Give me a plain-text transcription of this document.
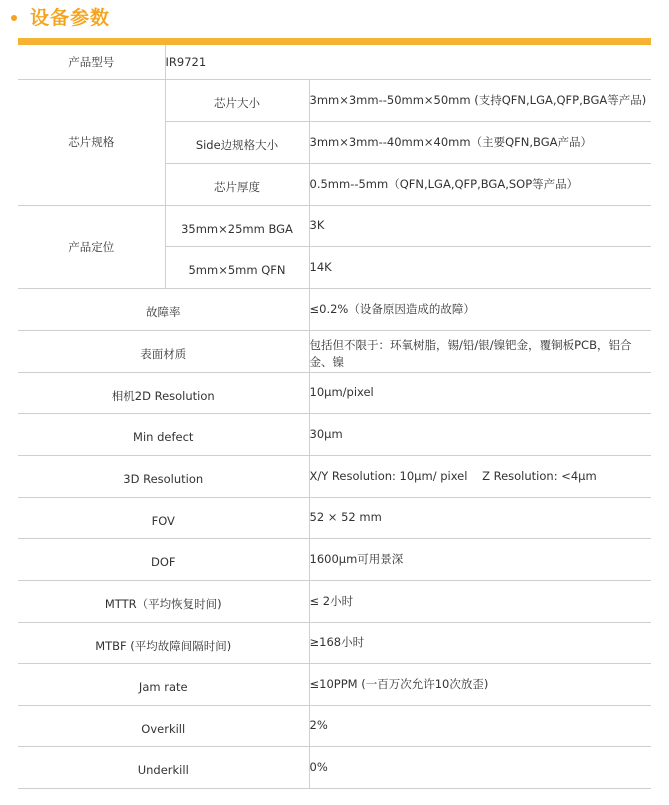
设备参数
产品型号	IR9721	
芯片规格	芯片大小	3mm×3mm--50mm×50mm (支持QFN,LGA,QFP,BGA等产品)
	Side边规格大小	3mm×3mm--40mm×40mm（主要QFN,BGA产品）
	芯片厚度	0.5mm--5mm（QFN,LGA,QFP,BGA,SOP等产品）
产品定位	35mm×25mm BGA	3K
	5mm×5mm QFN	14K
故障率		≤0.2%（设备原因造成的故障）
表面材质		包括但不限于：环氧树脂，锡/铅/银/镍钯金，覆铜板PCB，铝合金、镍
相机2D Resolution		10μm/pixel
Min defect		30μm
3D Resolution		X/Y Resolution: 10μm/ pixel    Z Resolution: <4μm
FOV		52 × 52 mm
DOF		1600μm可用景深
MTTR（平均恢复时间)		≤ 2小时
MTBF (平均故障间隔时间)		≥168小时
Jam rate		≤10PPM (一百万次允许10次放歪)
Overkill		2%
Underkill		0%
